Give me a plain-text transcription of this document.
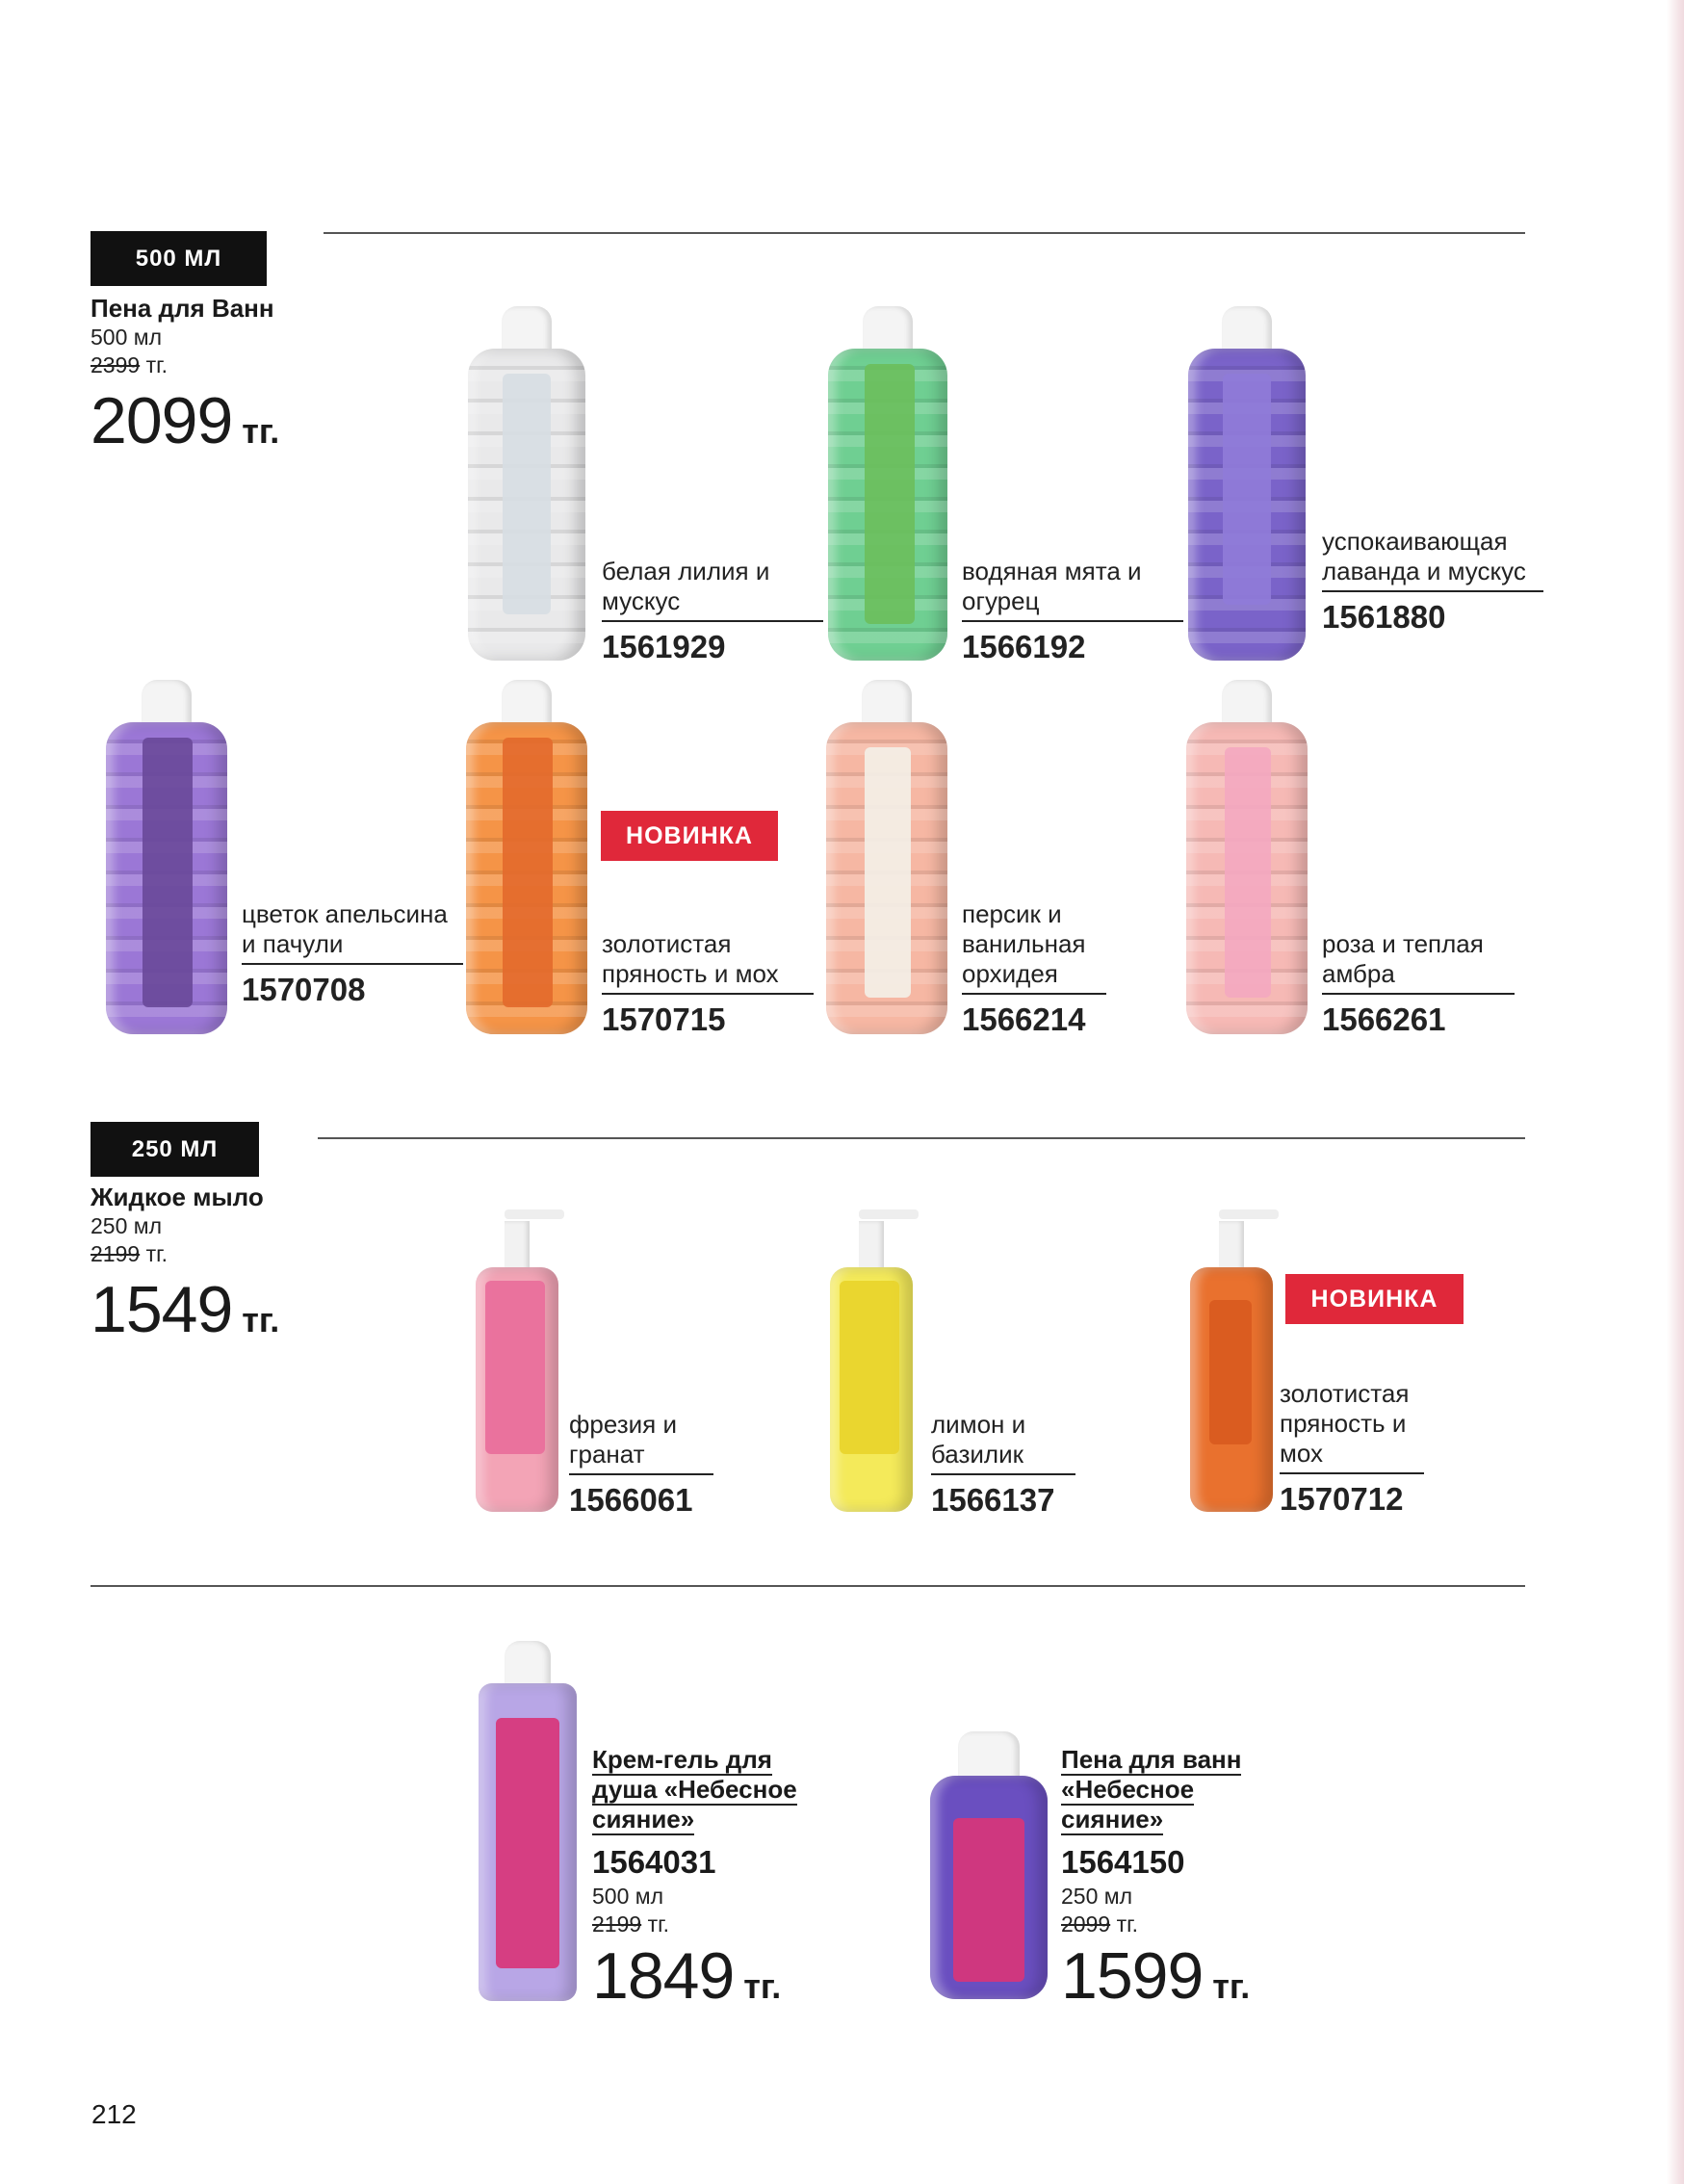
500 МЛ
Пена для Ванн
500 мл
2399 тг.
2099 тг.
белая лилия и мускус
1561929
водяная мята и огурец
1566192
успокаивающая лаванда и мускус
1561880
НОВИНКА
цветок апельсина и пачули
1570708
золотистая пряность и мох
1570715
персик и ванильная орхидея
1566214
роза и теплая амбра
1566261
250 МЛ
Жидкое мыло
250 мл
2199 тг.
1549 тг.
НОВИНКА
фрезия и гранат
1566061
лимон и базилик
1566137
золотистая пряность и мох
1570712
Крем-гель для душа «Небесное сияние»
1564031
500 мл
2199 тг.
1849 тг.
Пена для ванн «Небесное сияние»
1564150
250 мл
2099 тг.
1599 тг.
212
